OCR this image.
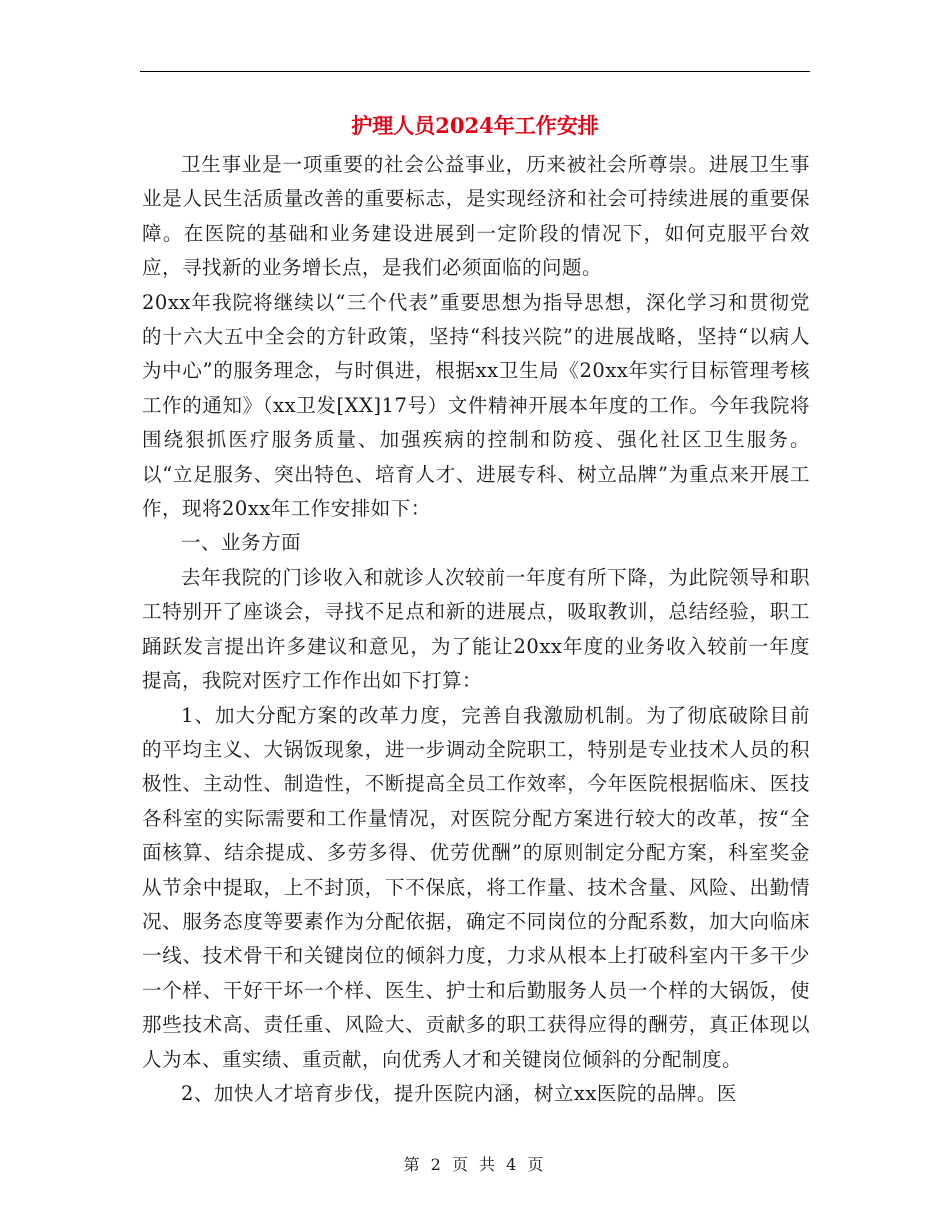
护理人员2024年工作安排

卫生事业是一项重要的社会公益事业，历来被社会所尊崇。进展卫生事业是人民生活质量改善的重要标志，是实现经济和社会可持续进展的重要保障。在医院的基础和业务建设进展到一定阶段的情况下，如何克服平台效应，寻找新的业务增长点，是我们必须面临的问题。

20xx年我院将继续以“三个代表”重要思想为指导思想，深化学习和贯彻党的十六大五中全会的方针政策，坚持“科技兴院”的进展战略，坚持“以病人为中心”的服务理念，与时俱进，根据xx卫生局《20xx年实行目标管理考核工作的通知》（xx卫发[XX]17号）文件精神开展本年度的工作。今年我院将围绕狠抓医疗服务质量、加强疾病的控制和防疫、强化社区卫生服务。以“立足服务、突出特色、培育人才、进展专科、树立品牌”为重点来开展工作，现将20xx年工作安排如下：

一、业务方面

去年我院的门诊收入和就诊人次较前一年度有所下降，为此院领导和职工特别开了座谈会，寻找不足点和新的进展点，吸取教训，总结经验，职工踊跃发言提出许多建议和意见，为了能让20xx年度的业务收入较前一年度提高，我院对医疗工作作出如下打算：

1、加大分配方案的改革力度，完善自我激励机制。为了彻底破除目前的平均主义、大锅饭现象，进一步调动全院职工，特别是专业技术人员的积极性、主动性、制造性，不断提高全员工作效率，今年医院根据临床、医技各科室的实际需要和工作量情况，对医院分配方案进行较大的改革，按“全面核算、结余提成、多劳多得、优劳优酬”的原则制定分配方案，科室奖金从节余中提取，上不封顶，下不保底，将工作量、技术含量、风险、出勤情况、服务态度等要素作为分配依据，确定不同岗位的分配系数，加大向临床一线、技术骨干和关键岗位的倾斜力度，力求从根本上打破科室内干多干少一个样、干好干坏一个样、医生、护士和后勤服务人员一个样的大锅饭，使那些技术高、责任重、风险大、贡献多的职工获得应得的酬劳，真正体现以人为本、重实绩、重贡献，向优秀人才和关键岗位倾斜的分配制度。

2、加快人才培育步伐，提升医院内涵，树立xx医院的品牌。医

第 2 页 共 4 页
